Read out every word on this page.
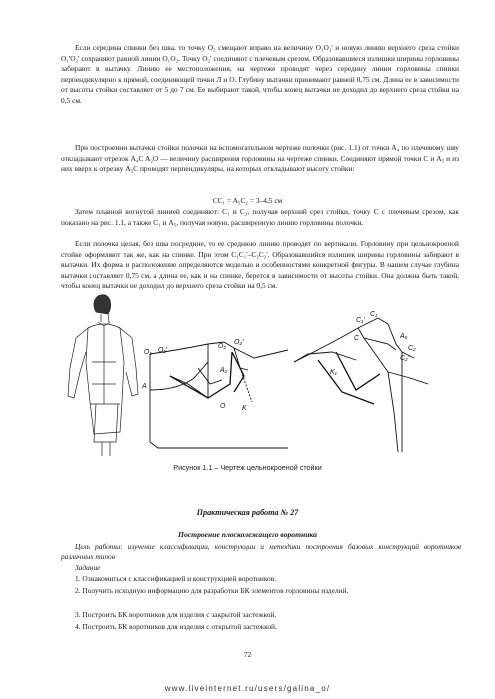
Если середина спинки без шва, то точку O₂ смещают вправо на величину O₁O₁' и новую линию верхнего среза стойки O₁'O₂' сохраняют равной линии O₁O₂. Точку O₂' соединяют с плечевым срезом. Образовавшиеся излишки ширины горловины забирают в вытачку. Линию ее местоположения, на чертеже проводят через середину линии горловины спинки перпендикулярно к прямой, соединяющей точки Л и O. Глубину вытачки принимают равной 0,75 см. Длина ее в зависимости от высоты стойки составляет от 5 до 7 см. Ее выбирают такой, чтобы конец вытачки не доходил до верхнего среза стойки на 0,5 см.

При построении вытачки стойки полочки на вспомогательном чертеже полочки (рис. 1.1) от точки A₄ по плечевому шву откладывают отрезок A₄C A₂O — величину расширения горловины на чертеже спинки. Соединяют прямой точки C и A₅ и из них вверх к отрезку A₅C проводят перпендикуляры, на которых откладывают высоту стойки:

CC₁ = A₅C₂ = 3–4,5 см

Затем плавной вогнутой линией соединяют: C₁ и C₂, получая верхний срез стойки, точку C с плечевым срезом, как показано на рис. 1.1, а также C₁ и A₅, получая новую, расширенную линию горловины полочки.

Если полочка целая, без шва посредине, то ее среднюю линию проводят по вертикали. Горловину при цельнокроеной стойке оформляют так же, как на спинке. При этом C₁C₁'–C₂C₂'. Образовавшийся излишек ширины горловины забирают в вытачки. Их форма и расположение определяются моделью и особенностями конкретной фигуры. В нашем случае глубина вытачки составляет 0,75 см, а длина ее, как и на спинке, берется в зависимости от высоты стойки. Она должна быть такой, чтобы конец вытачки не доходил до верхнего среза стойки на 0,5 см.

O₁ O₁'
O₂
O₂'
A
A₂
O K
C₁'
C₁
A₅
C₂
C₂'
C
K₁

Рисунок 1.1 – Чертеж цельнокроеной стойки

Практическая работа № 27

Построение плосколежащего воротника

Цель работы: изучение классификации, конструкции и методики построения базовых конструкций воротников различных типов

Задание

1. Ознакомиться с классификацией и конструкцией воротников.

2. Получить исходную информацию для разработки БК элементов горловины изделий.

3. Построить БК воротников для изделия с закрытой застежкой.

4. Построить БК воротников для изделия с открытой застежкой.

72

www.liveinternet.ru/users/galina_o/
